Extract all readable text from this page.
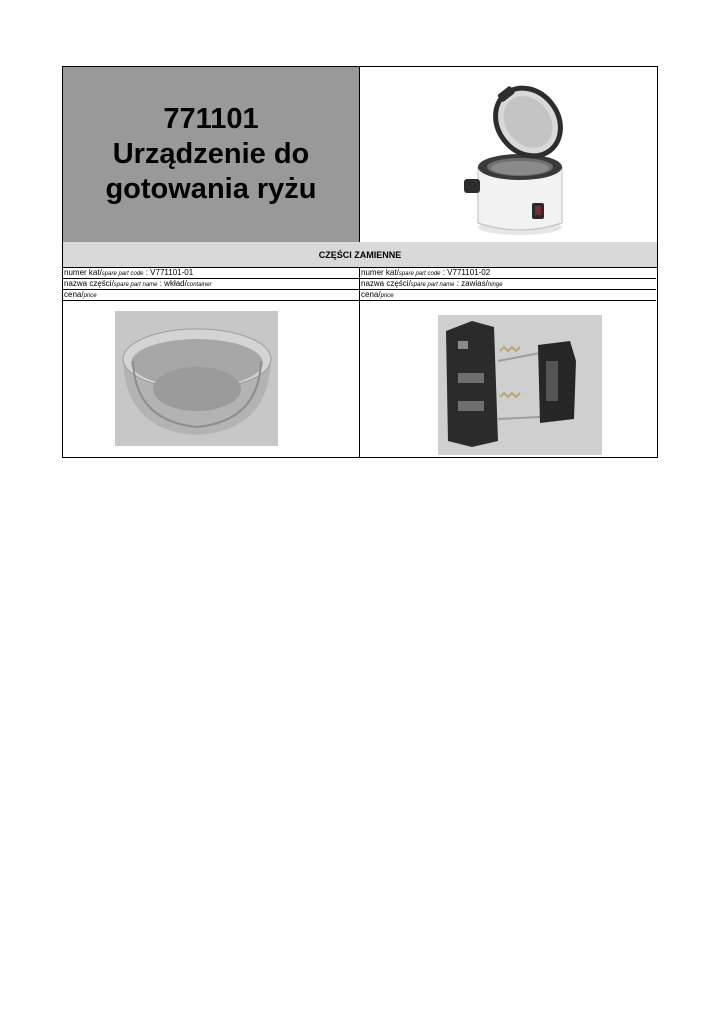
771101
Urządzenie do
gotowania ryżu
CZĘŚCI ZAMIENNE
numer kat/spare part code : V771101-01
nazwa części/spare part name : wkład/container
cena/price
numer kat/spare part code : V771101-02
nazwa części/spare part name : zawias/hinge
cena/price
